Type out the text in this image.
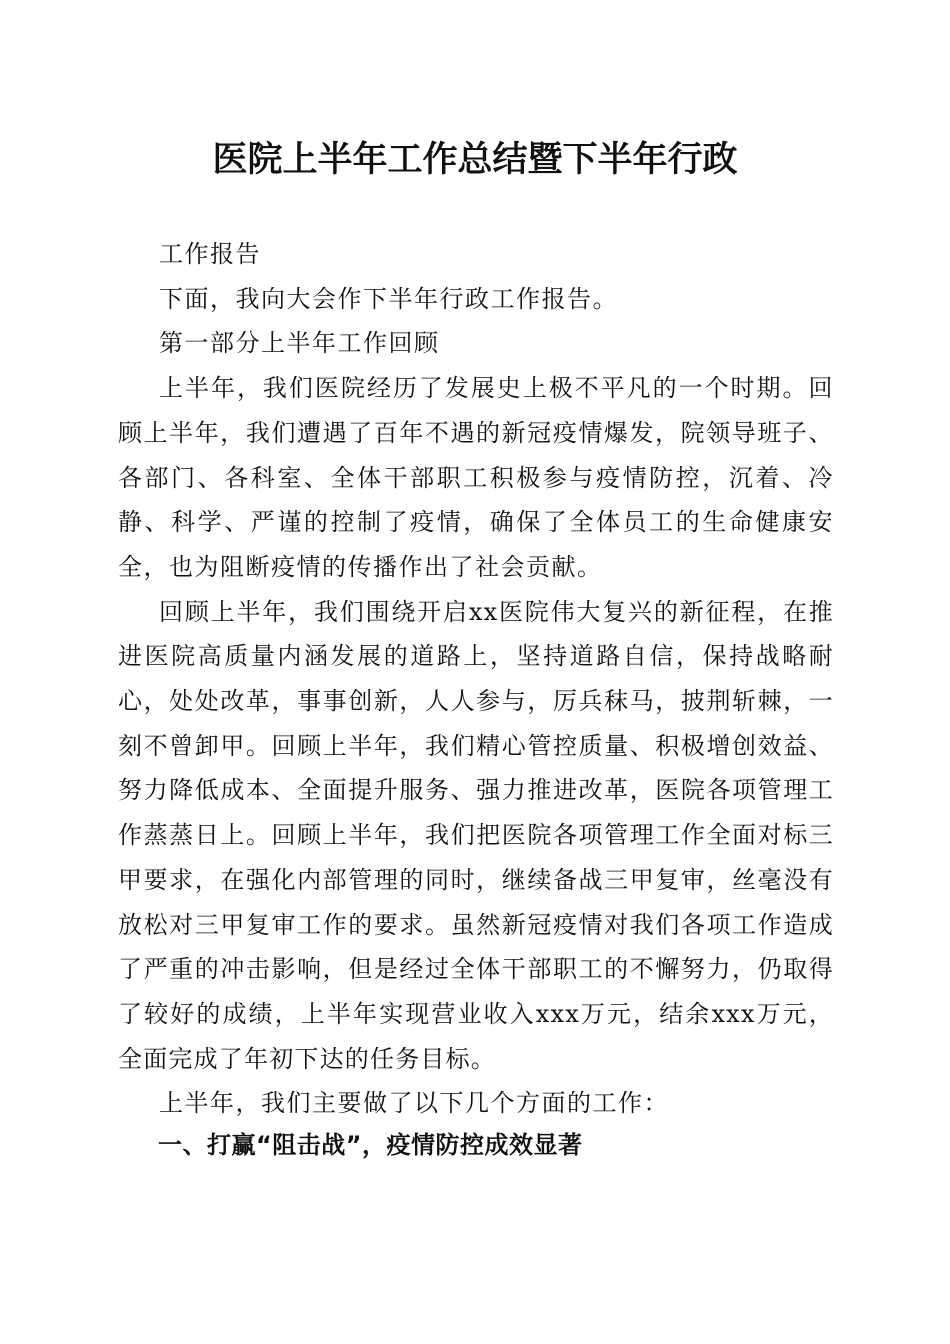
医院上半年工作总结暨下半年行政

工作报告

下面，我向大会作下半年行政工作报告。

第一部分上半年工作回顾

上半年，我们医院经历了发展史上极不平凡的一个时期。回顾上半年，我们遭遇了百年不遇的新冠疫情爆发，院领导班子、各部门、各科室、全体干部职工积极参与疫情防控，沉着、冷静、科学、严谨的控制了疫情，确保了全体员工的生命健康安全，也为阻断疫情的传播作出了社会贡献。

回顾上半年，我们围绕开启xx医院伟大复兴的新征程，在推进医院高质量内涵发展的道路上，坚持道路自信，保持战略耐心，处处改革，事事创新，人人参与，厉兵秣马，披荆斩棘，一刻不曾卸甲。回顾上半年，我们精心管控质量、积极增创效益、努力降低成本、全面提升服务、强力推进改革，医院各项管理工作蒸蒸日上。回顾上半年，我们把医院各项管理工作全面对标三甲要求，在强化内部管理的同时，继续备战三甲复审，丝毫没有放松对三甲复审工作的要求。虽然新冠疫情对我们各项工作造成了严重的冲击影响，但是经过全体干部职工的不懈努力，仍取得了较好的成绩，上半年实现营业收入xxx万元，结余xxx万元，全面完成了年初下达的任务目标。

上半年，我们主要做了以下几个方面的工作：

一、打赢“阻击战”，疫情防控成效显著
